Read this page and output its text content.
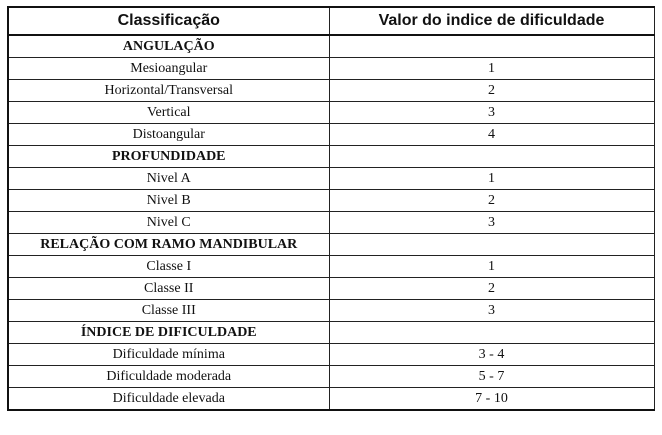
Classificação	Valor do indice de dificuldade
ANGULAÇÃO	
Mesioangular	1
Horizontal/Transversal	2
Vertical	3
Distoangular	4
PROFUNDIDADE	
Nivel A	1
Nivel B	2
Nivel C	3
RELAÇÃO COM RAMO MANDIBULAR	
Classe I	1
Classe II	2
Classe III	3
ÍNDICE DE DIFICULDADE	
Dificuldade mínima	3 - 4
Dificuldade moderada	5 - 7
Dificuldade elevada	7 - 10
